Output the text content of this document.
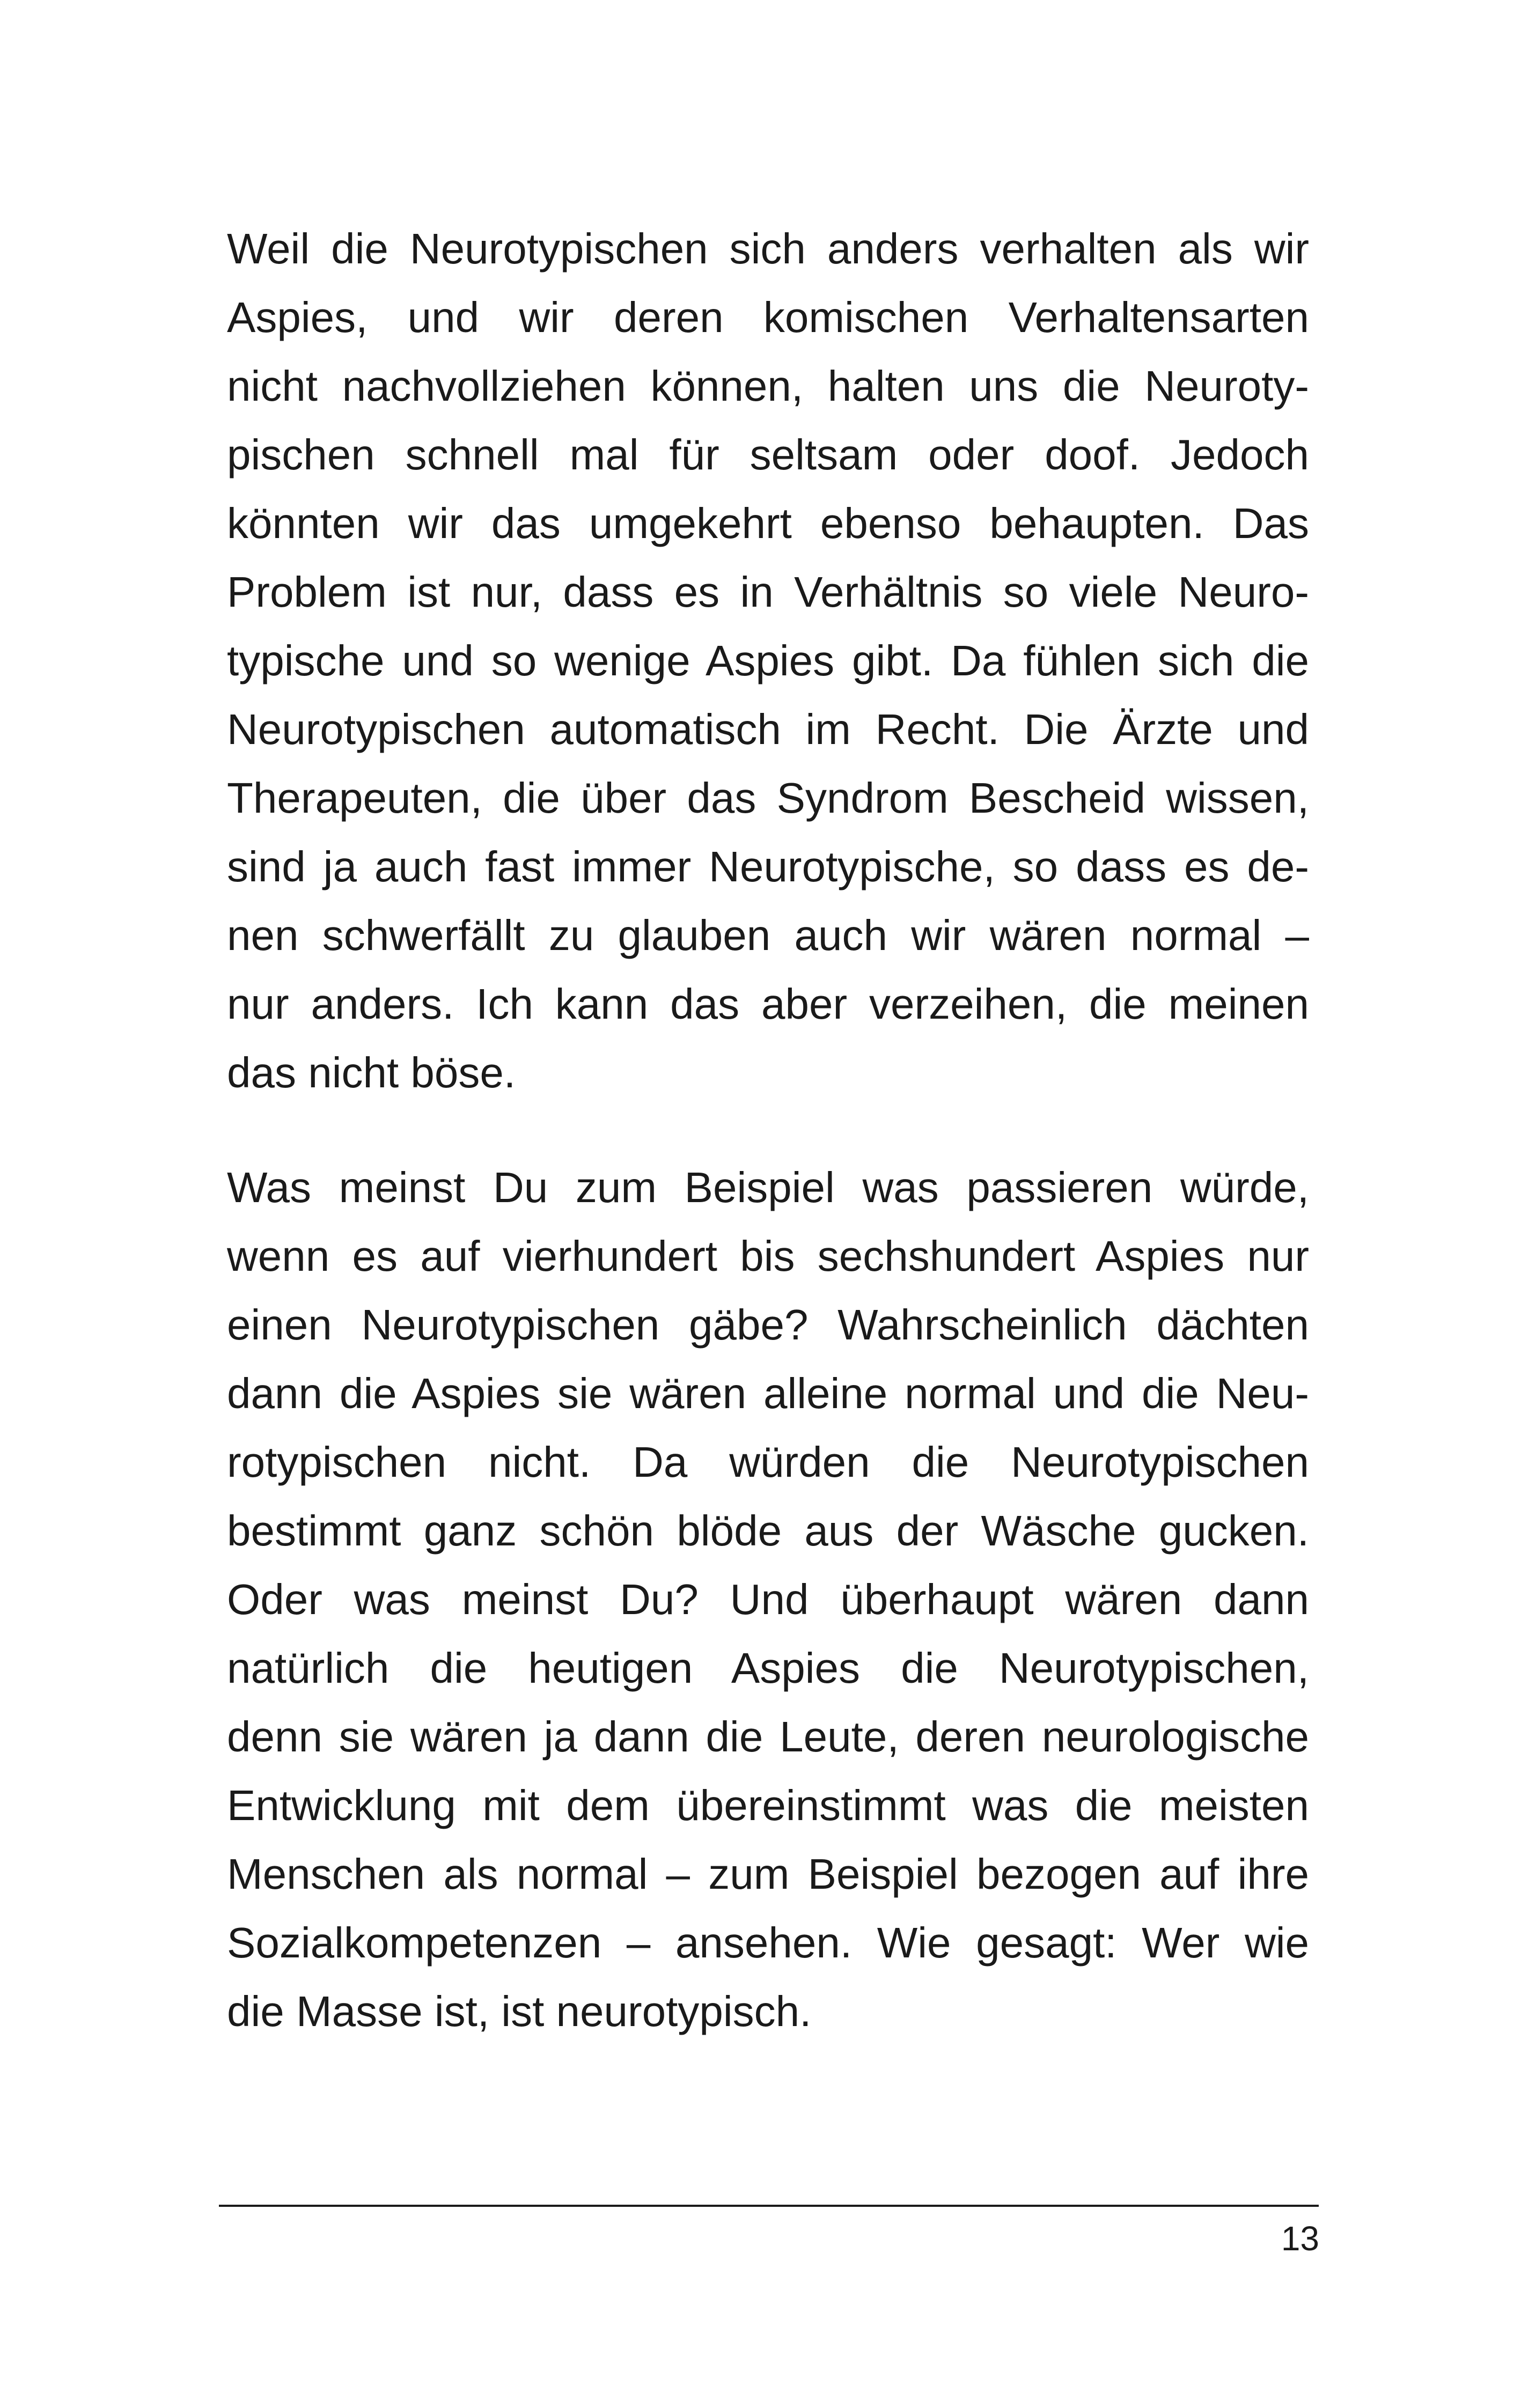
Weil die Neurotypischen sich anders verhalten als wir
Aspies, und wir deren komischen Verhaltensarten
nicht nachvollziehen können, halten uns die Neuroty-
pischen schnell mal für seltsam oder doof. Jedoch
könnten wir das umgekehrt ebenso behaupten. Das
Problem ist nur, dass es in Verhältnis so viele Neuro-
typische und so wenige Aspies gibt. Da fühlen sich die
Neurotypischen automatisch im Recht. Die Ärzte und
Therapeuten, die über das Syndrom Bescheid wissen,
sind ja auch fast immer Neurotypische, so dass es de-
nen schwerfällt zu glauben auch wir wären normal –
nur anders. Ich kann das aber verzeihen, die meinen
das nicht böse.
Was meinst Du zum Beispiel was passieren würde,
wenn es auf vierhundert bis sechshundert Aspies nur
einen Neurotypischen gäbe? Wahrscheinlich dächten
dann die Aspies sie wären alleine normal und die Neu-
rotypischen nicht. Da würden die Neurotypischen
bestimmt ganz schön blöde aus der Wäsche gucken.
Oder was meinst Du? Und überhaupt wären dann
natürlich die heutigen Aspies die Neurotypischen,
denn sie wären ja dann die Leute, deren neurologische
Entwicklung mit dem übereinstimmt was die meisten
Menschen als normal – zum Beispiel bezogen auf ihre
Sozialkompetenzen – ansehen. Wie gesagt: Wer wie
die Masse ist, ist neurotypisch.
13
